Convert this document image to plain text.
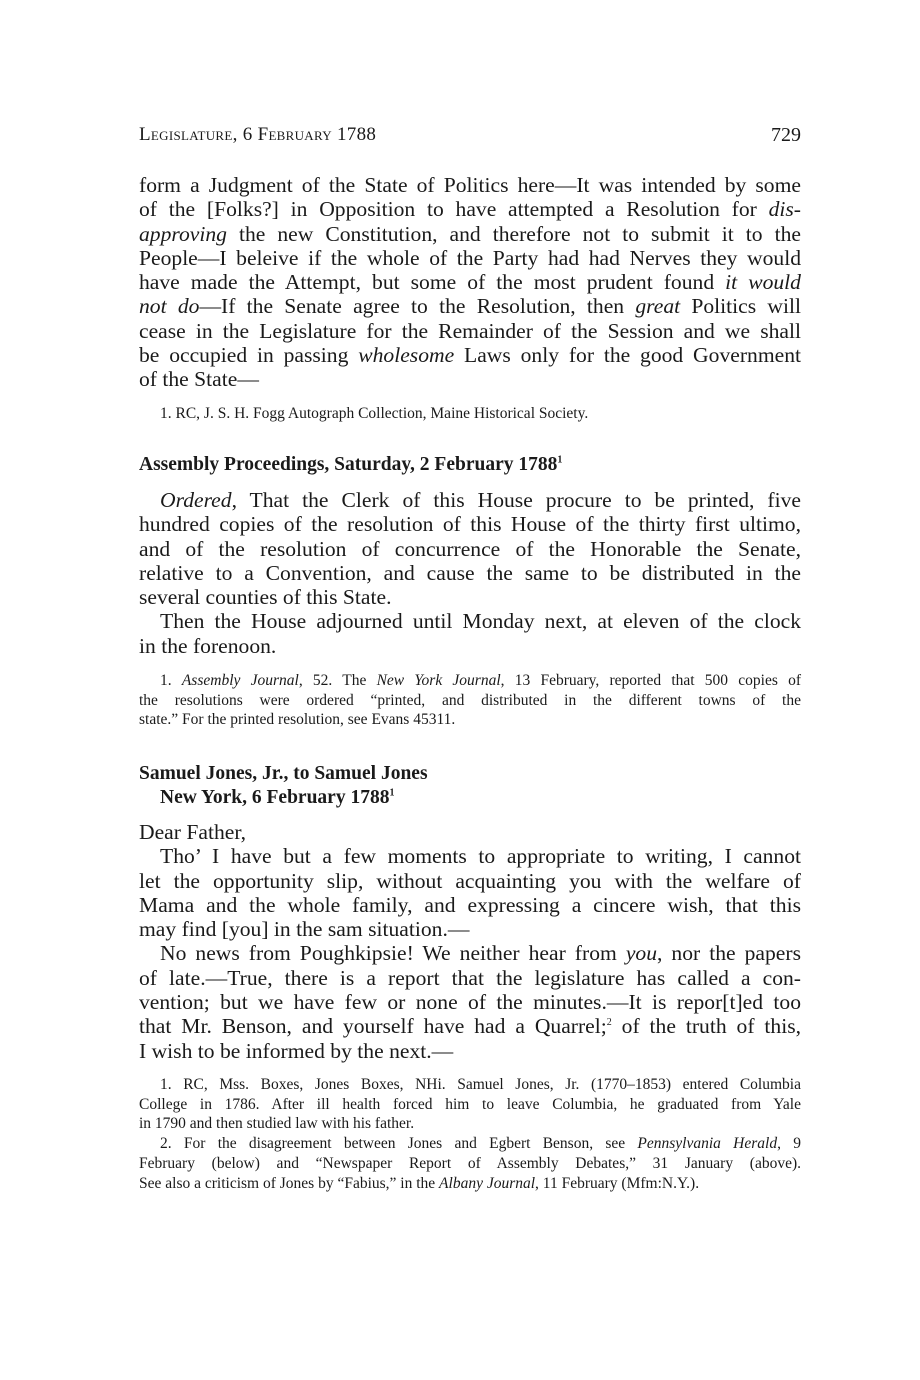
Legislature, 6 February 1788	729

form a Judgment of the State of Politics here—It was intended by some
of the [Folks?] in Opposition to have attempted a Resolution for dis-
approving the new Constitution, and therefore not to submit it to the
People—I beleive if the whole of the Party had had Nerves they would
have made the Attempt, but some of the most prudent found it would
not do—If the Senate agree to the Resolution, then great Politics will
cease in the Legislature for the Remainder of the Session and we shall
be occupied in passing wholesome Laws only for the good Government
of the State—

1. RC, J. S. H. Fogg Autograph Collection, Maine Historical Society.

Assembly Proceedings, Saturday, 2 February 1788$^1$

Ordered, That the Clerk of this House procure to be printed, five
hundred copies of the resolution of this House of the thirty first ultimo,
and of the resolution of concurrence of the Honorable the Senate,
relative to a Convention, and cause the same to be distributed in the
several counties of this State.

Then the House adjourned until Monday next, at eleven of the clock
in the forenoon.

1. Assembly Journal, 52. The New York Journal, 13 February, reported that 500 copies of
the resolutions were ordered “printed, and distributed in the different towns of the
state.” For the printed resolution, see Evans 45311.

Samuel Jones, Jr., to Samuel Jones
New York, 6 February 1788$^1$

Dear Father,

Tho’ I have but a few moments to appropriate to writing, I cannot
let the opportunity slip, without acquainting you with the welfare of
Mama and the whole family, and expressing a cincere wish, that this
may find [you] in the sam situation.—

No news from Poughkipsie! We neither hear from you, nor the papers
of late.—True, there is a report that the legislature has called a con-
vention; but we have few or none of the minutes.—It is repor[t]ed too
that Mr. Benson, and yourself have had a Quarrel;$^2$ of the truth of this,
I wish to be informed by the next.—

1. RC, Mss. Boxes, Jones Boxes, NHi. Samuel Jones, Jr. (1770–1853) entered Columbia
College in 1786. After ill health forced him to leave Columbia, he graduated from Yale
in 1790 and then studied law with his father.

2. For the disagreement between Jones and Egbert Benson, see Pennsylvania Herald, 9
February (below) and “Newspaper Report of Assembly Debates,” 31 January (above).
See also a criticism of Jones by “Fabius,” in the Albany Journal, 11 February (Mfm:N.Y.).
